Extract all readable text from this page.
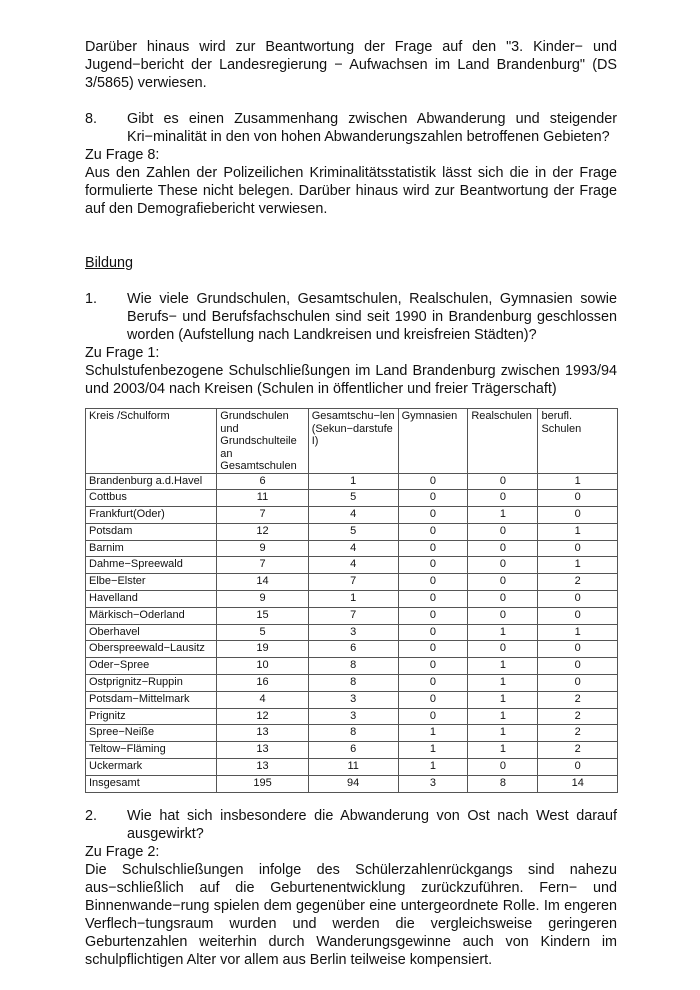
Darüber hinaus wird zur Beantwortung der Frage auf den "3. Kinder− und Jugend−bericht der Landesregierung − Aufwachsen im Land Brandenburg" (DS 3/5865) verwiesen.

8.	Gibt es einen Zusammenhang zwischen Abwanderung und steigender Kri−minalität in den von hohen Abwanderungszahlen betroffenen Gebieten?

Zu Frage 8:

Aus den Zahlen der Polizeilichen Kriminalitätsstatistik lässt sich die in der Frage formulierte These nicht belegen. Darüber hinaus wird zur Beantwortung der Frage auf den Demografiebericht verwiesen.

Bildung

1.	Wie viele Grundschulen, Gesamtschulen, Realschulen, Gymnasien sowie Berufs− und Berufsfachschulen sind seit 1990 in Brandenburg geschlossen worden (Aufstellung nach Landkreisen und kreisfreien Städten)?

Zu Frage 1:

Schulstufenbezogene Schulschließungen im Land Brandenburg zwischen 1993/94 und 2003/04 nach Kreisen (Schulen in öffentlicher und freier Trägerschaft)

Kreis /Schulform	Grundschulen und Grundschulteile an Gesamtschulen	Gesamtschu−len (Sekun−darstufe I)	Gymnasien	Realschulen	berufl. Schulen
Brandenburg a.d.Havel	6	1	0	0	1
Cottbus	11	5	0	0	0
Frankfurt(Oder)	7	4	0	1	0
Potsdam	12	5	0	0	1
Barnim	9	4	0	0	0
Dahme−Spreewald	7	4	0	0	1
Elbe−Elster	14	7	0	0	2
Havelland	9	1	0	0	0
Märkisch−Oderland	15	7	0	0	0
Oberhavel	5	3	0	1	1
Oberspreewald−Lausitz	19	6	0	0	0
Oder−Spree	10	8	0	1	0
Ostprignitz−Ruppin	16	8	0	1	0
Potsdam−Mittelmark	4	3	0	1	2
Prignitz	12	3	0	1	2
Spree−Neiße	13	8	1	1	2
Teltow−Fläming	13	6	1	1	2
Uckermark	13	11	1	0	0
Insgesamt	195	94	3	8	14

2.	Wie hat sich insbesondere die Abwanderung von Ost nach West darauf ausgewirkt?

Zu Frage 2:

Die Schulschließungen infolge des Schülerzahlenrückgangs sind nahezu aus−schließlich auf die Geburtenentwicklung zurückzuführen. Fern− und Binnenwande−rung spielen dem gegenüber eine untergeordnete Rolle. Im engeren Verflech−tungsraum wurden und werden die vergleichsweise geringeren Geburtenzahlen weiterhin durch Wanderungsgewinne auch von Kindern im schulpflichtigen Alter vor allem aus Berlin teilweise kompensiert.
